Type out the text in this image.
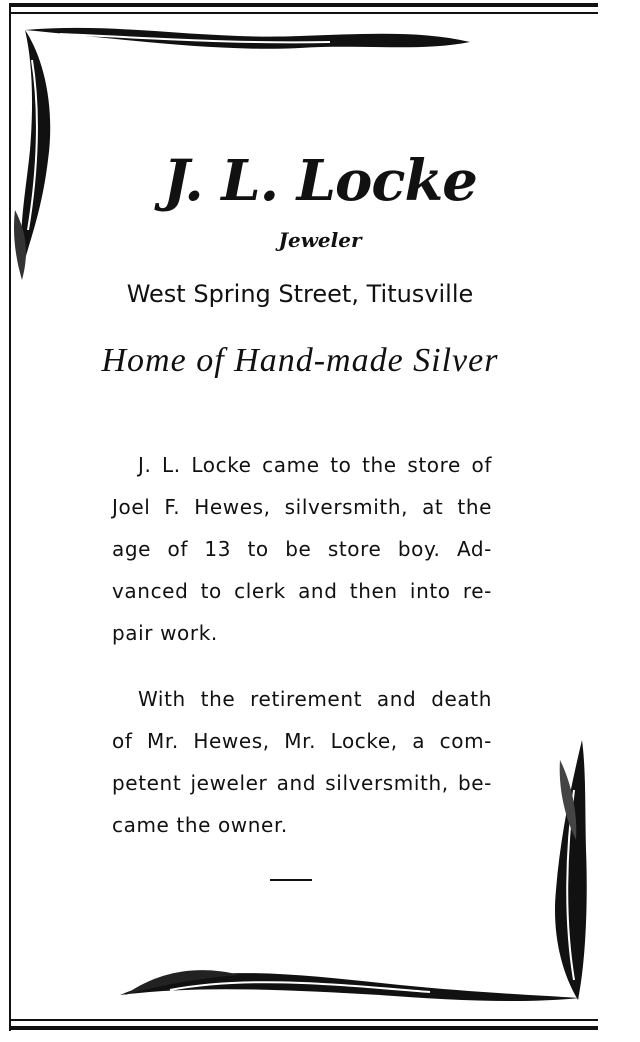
J. L. Locke
Jeweler
West Spring Street, Titusville
Home of Hand-made Silver

J. L. Locke came to the store of
Joel F. Hewes, silversmith, at the
age of 13 to be store boy. Ad-
vanced to clerk and then into re-
pair work.

With the retirement and death
of Mr. Hewes, Mr. Locke, a com-
petent jeweler and silversmith, be-
came the owner.
